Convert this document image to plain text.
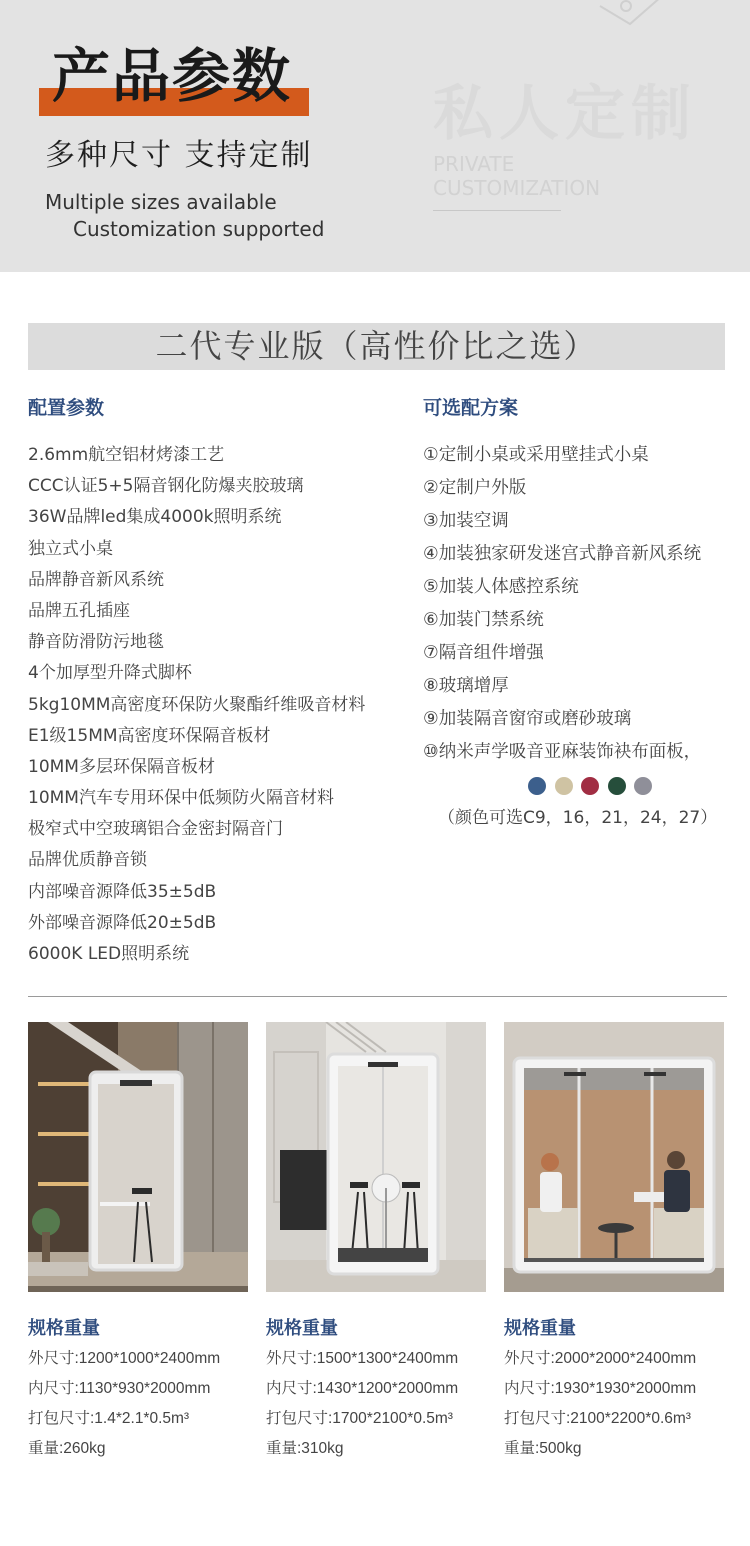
产品参数
多种尺寸 支持定制
Multiple sizes available
Customization supported
私人定制
PRIVATE
CUSTOMIZATION
二代专业版（高性价比之选）
配置参数
2.6mm航空铝材烤漆工艺
CCC认证5+5隔音钢化防爆夹胶玻璃
36W品牌led集成4000k照明系统
独立式小桌
品牌静音新风系统
品牌五孔插座
静音防滑防污地毯
4个加厚型升降式脚杯
5kg10MM高密度环保防火聚酯纤维吸音材料
E1级15MM高密度环保隔音板材
10MM多层环保隔音板材
10MM汽车专用环保中低频防火隔音材料
极窄式中空玻璃铝合金密封隔音门
品牌优质静音锁
内部噪音源降低35±5dB
外部噪音源降低20±5dB
6000K LED照明系统
可选配方案
①定制小桌或采用壁挂式小桌
②定制户外版
③加装空调
④加装独家研发迷宫式静音新风系统
⑤加装人体感控系统
⑥加装门禁系统
⑦隔音组件增强
⑧玻璃增厚
⑨加装隔音窗帘或磨砂玻璃
⑩纳米声学吸音亚麻装饰袂布面板，
（颜色可选C9，16，21，24，27）
规格重量
外尺寸:1200*1000*2400mm
内尺寸:1130*930*2000mm
打包尺寸:1.4*2.1*0.5m³
重量:260kg
规格重量
外尺寸:1500*1300*2400mm
内尺寸:1430*1200*2000mm
打包尺寸:1700*2100*0.5m³
重量:310kg
规格重量
外尺寸:2000*2000*2400mm
内尺寸:1930*1930*2000mm
打包尺寸:2100*2200*0.6m³
重量:500kg
